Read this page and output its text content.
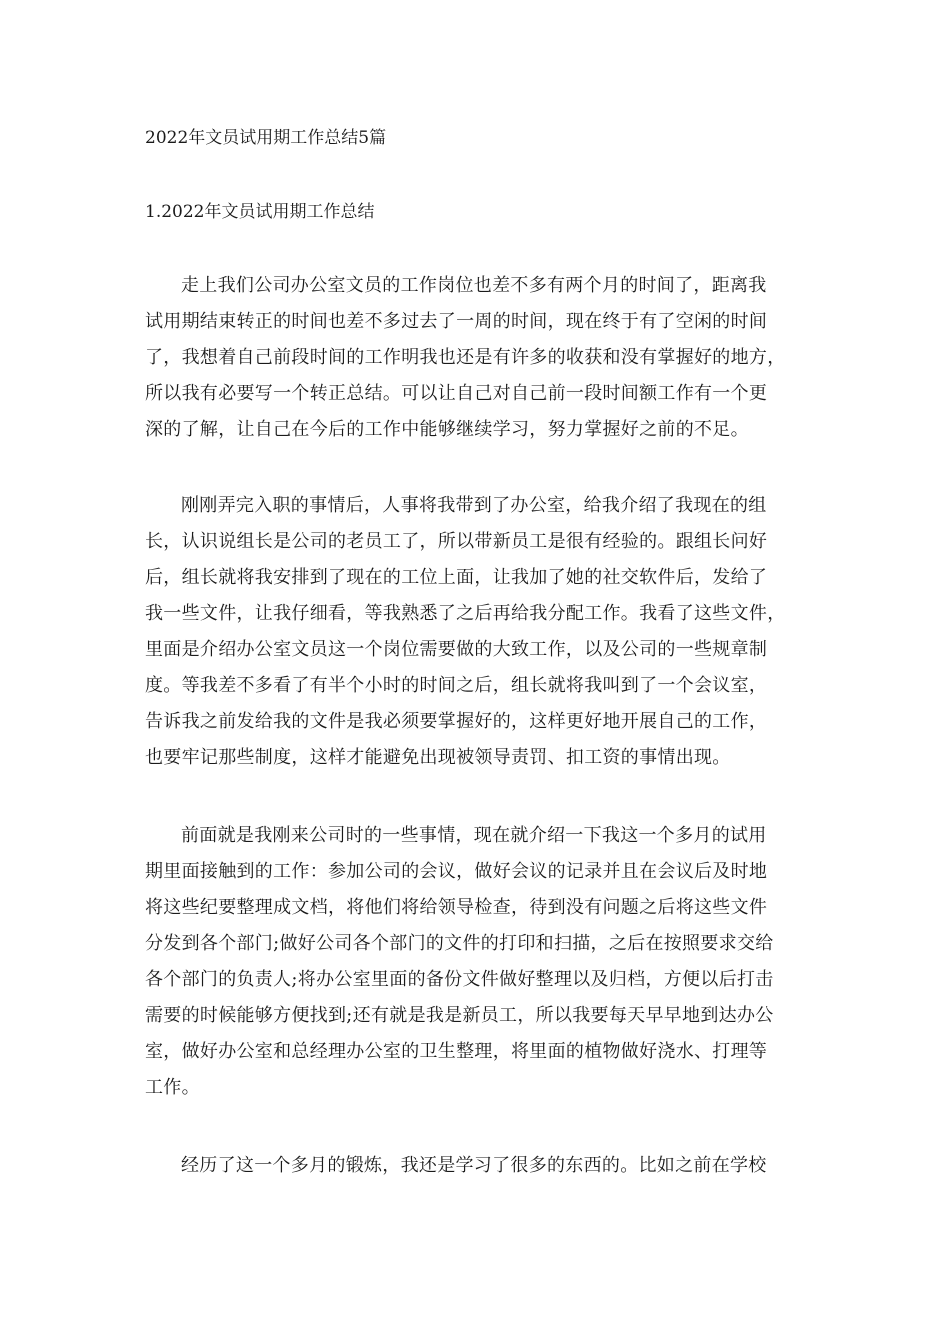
2022年文员试用期工作总结5篇
1.2022年文员试用期工作总结
走上我们公司办公室文员的工作岗位也差不多有两个月的时间了，距离我
试用期结束转正的时间也差不多过去了一周的时间，现在终于有了空闲的时间
了，我想着自己前段时间的工作明我也还是有许多的收获和没有掌握好的地方，
所以我有必要写一个转正总结。可以让自己对自己前一段时间额工作有一个更
深的了解，让自己在今后的工作中能够继续学习，努力掌握好之前的不足。
刚刚弄完入职的事情后，人事将我带到了办公室，给我介绍了我现在的组
长，认识说组长是公司的老员工了，所以带新员工是很有经验的。跟组长问好
后，组长就将我安排到了现在的工位上面，让我加了她的社交软件后，发给了
我一些文件，让我仔细看，等我熟悉了之后再给我分配工作。我看了这些文件，
里面是介绍办公室文员这一个岗位需要做的大致工作，以及公司的一些规章制
度。等我差不多看了有半个小时的时间之后，组长就将我叫到了一个会议室，
告诉我之前发给我的文件是我必须要掌握好的，这样更好地开展自己的工作，
也要牢记那些制度，这样才能避免出现被领导责罚、扣工资的事情出现。
前面就是我刚来公司时的一些事情，现在就介绍一下我这一个多月的试用
期里面接触到的工作：参加公司的会议，做好会议的记录并且在会议后及时地
将这些纪要整理成文档，将他们将给领导检查，待到没有问题之后将这些文件
分发到各个部门;做好公司各个部门的文件的打印和扫描，之后在按照要求交给
各个部门的负责人;将办公室里面的备份文件做好整理以及归档，方便以后打击
需要的时候能够方便找到;还有就是我是新员工，所以我要每天早早地到达办公
室，做好办公室和总经理办公室的卫生整理，将里面的植物做好浇水、打理等
工作。
经历了这一个多月的锻炼，我还是学习了很多的东西的。比如之前在学校
